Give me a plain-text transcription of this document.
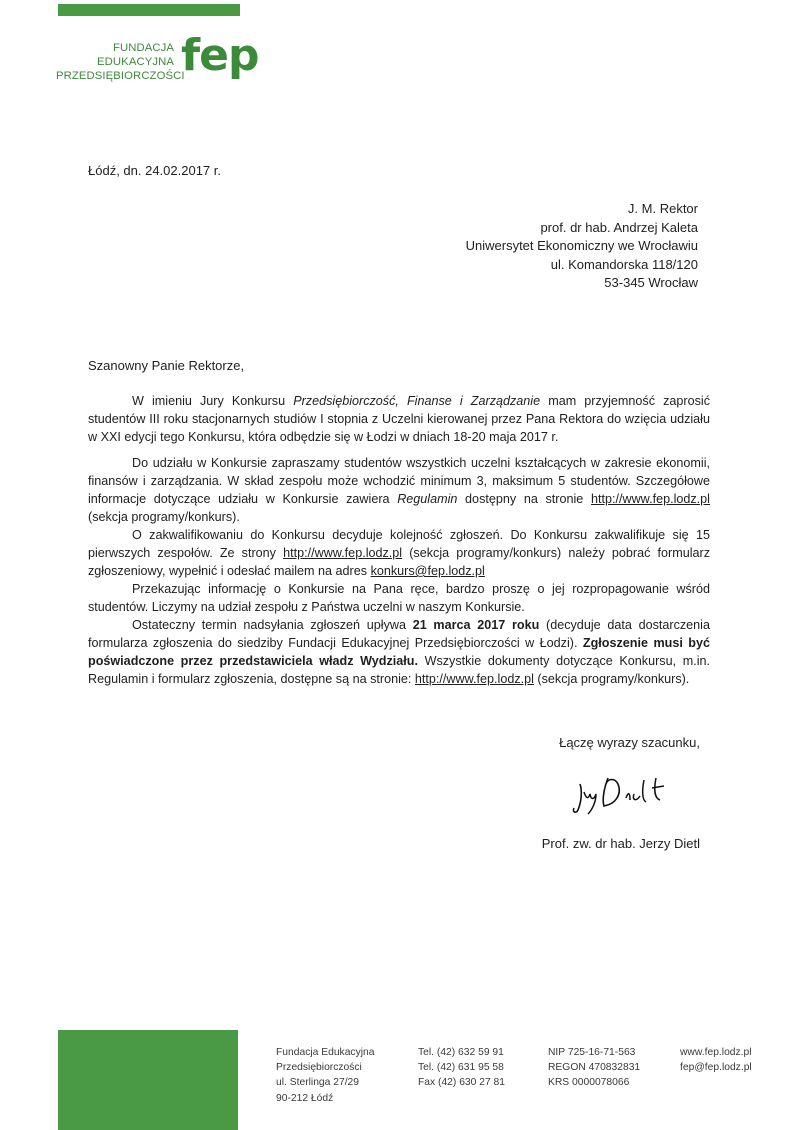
FUNDACJA
EDUKACYJNA
PRZEDSIĘBIORCZOŚCI
fep
Łódź, dn. 24.02.2017 r.
J. M. Rektor
prof. dr hab. Andrzej Kaleta
Uniwersytet Ekonomiczny we Wrocławiu
ul. Komandorska 118/120
53-345 Wrocław
Szanowny Panie Rektorze,

W imieniu Jury Konkursu Przedsiębiorczość, Finanse i Zarządzanie mam przyjemność zaprosić studentów III roku stacjonarnych studiów I stopnia z Uczelni kierowanej przez Pana Rektora do wzięcia udziału w XXI edycji tego Konkursu, która odbędzie się w Łodzi w dniach 18-20 maja 2017 r.

Do udziału w Konkursie zapraszamy studentów wszystkich uczelni kształcących w zakresie ekonomii, finansów i zarządzania. W skład zespołu może wchodzić minimum 3, maksimum 5 studentów. Szczegółowe informacje dotyczące udziału w Konkursie zawiera Regulamin dostępny na stronie http://www.fep.lodz.pl (sekcja programy/konkurs).

O zakwalifikowaniu do Konkursu decyduje kolejność zgłoszeń. Do Konkursu zakwalifikuje się 15 pierwszych zespołów. Ze strony http://www.fep.lodz.pl (sekcja programy/konkurs) należy pobrać formularz zgłoszeniowy, wypełnić i odesłać mailem na adres konkurs@fep.lodz.pl

Przekazując informację o Konkursie na Pana ręce, bardzo proszę o jej rozpropagowanie wśród studentów. Liczymy na udział zespołu z Państwa uczelni w naszym Konkursie.

Ostateczny termin nadsyłania zgłoszeń upływa 21 marca 2017 roku (decyduje data dostarczenia formularza zgłoszenia do siedziby Fundacji Edukacyjnej Przedsiębiorczości w Łodzi). Zgłoszenie musi być poświadczone przez przedstawiciela władz Wydziału. Wszystkie dokumenty dotyczące Konkursu, m.in. Regulamin i formularz zgłoszenia, dostępne są na stronie: http://www.fep.lodz.pl (sekcja programy/konkurs).

Łączę wyrazy szacunku,
Prof. zw. dr hab. Jerzy Dietl
Fundacja Edukacyjna
Przedsiębiorczości
ul. Sterlinga 27/29
90-212 Łódź
Tel. (42) 632 59 91
Tel. (42) 631 95 58
Fax (42) 630 27 81
NIP 725-16-71-563
REGON 470832831
KRS 0000078066
www.fep.lodz.pl
fep@fep.lodz.pl
